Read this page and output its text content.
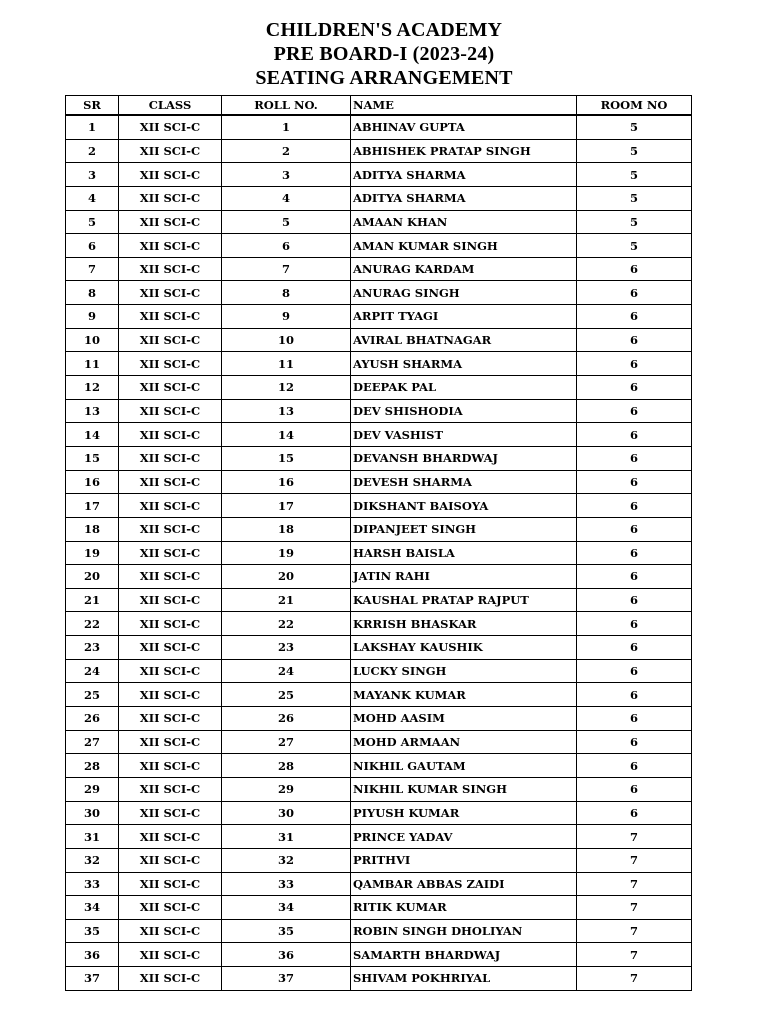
CHILDREN'S ACADEMY
PRE BOARD-I (2023-24)
SEATING ARRANGEMENT
SR	CLASS	ROLL NO.	NAME	ROOM NO
1	XII SCI-C	1	ABHINAV GUPTA	5
2	XII SCI-C	2	ABHISHEK PRATAP SINGH	5
3	XII SCI-C	3	ADITYA SHARMA	5
4	XII SCI-C	4	ADITYA SHARMA	5
5	XII SCI-C	5	AMAAN KHAN	5
6	XII SCI-C	6	AMAN KUMAR SINGH	5
7	XII SCI-C	7	ANURAG KARDAM	6
8	XII SCI-C	8	ANURAG SINGH	6
9	XII SCI-C	9	ARPIT TYAGI	6
10	XII SCI-C	10	AVIRAL BHATNAGAR	6
11	XII SCI-C	11	AYUSH SHARMA	6
12	XII SCI-C	12	DEEPAK PAL	6
13	XII SCI-C	13	DEV SHISHODIA	6
14	XII SCI-C	14	DEV VASHIST	6
15	XII SCI-C	15	DEVANSH BHARDWAJ	6
16	XII SCI-C	16	DEVESH SHARMA	6
17	XII SCI-C	17	DIKSHANT BAISOYA	6
18	XII SCI-C	18	DIPANJEET SINGH	6
19	XII SCI-C	19	HARSH BAISLA	6
20	XII SCI-C	20	JATIN RAHI	6
21	XII SCI-C	21	KAUSHAL PRATAP RAJPUT	6
22	XII SCI-C	22	KRRISH BHASKAR	6
23	XII SCI-C	23	LAKSHAY KAUSHIK	6
24	XII SCI-C	24	LUCKY SINGH	6
25	XII SCI-C	25	MAYANK KUMAR	6
26	XII SCI-C	26	MOHD AASIM	6
27	XII SCI-C	27	MOHD ARMAAN	6
28	XII SCI-C	28	NIKHIL GAUTAM	6
29	XII SCI-C	29	NIKHIL KUMAR SINGH	6
30	XII SCI-C	30	PIYUSH KUMAR	6
31	XII SCI-C	31	PRINCE YADAV	7
32	XII SCI-C	32	PRITHVI	7
33	XII SCI-C	33	QAMBAR ABBAS ZAIDI	7
34	XII SCI-C	34	RITIK KUMAR	7
35	XII SCI-C	35	ROBIN SINGH DHOLIYAN	7
36	XII SCI-C	36	SAMARTH BHARDWAJ	7
37	XII SCI-C	37	SHIVAM POKHRIYAL	7
